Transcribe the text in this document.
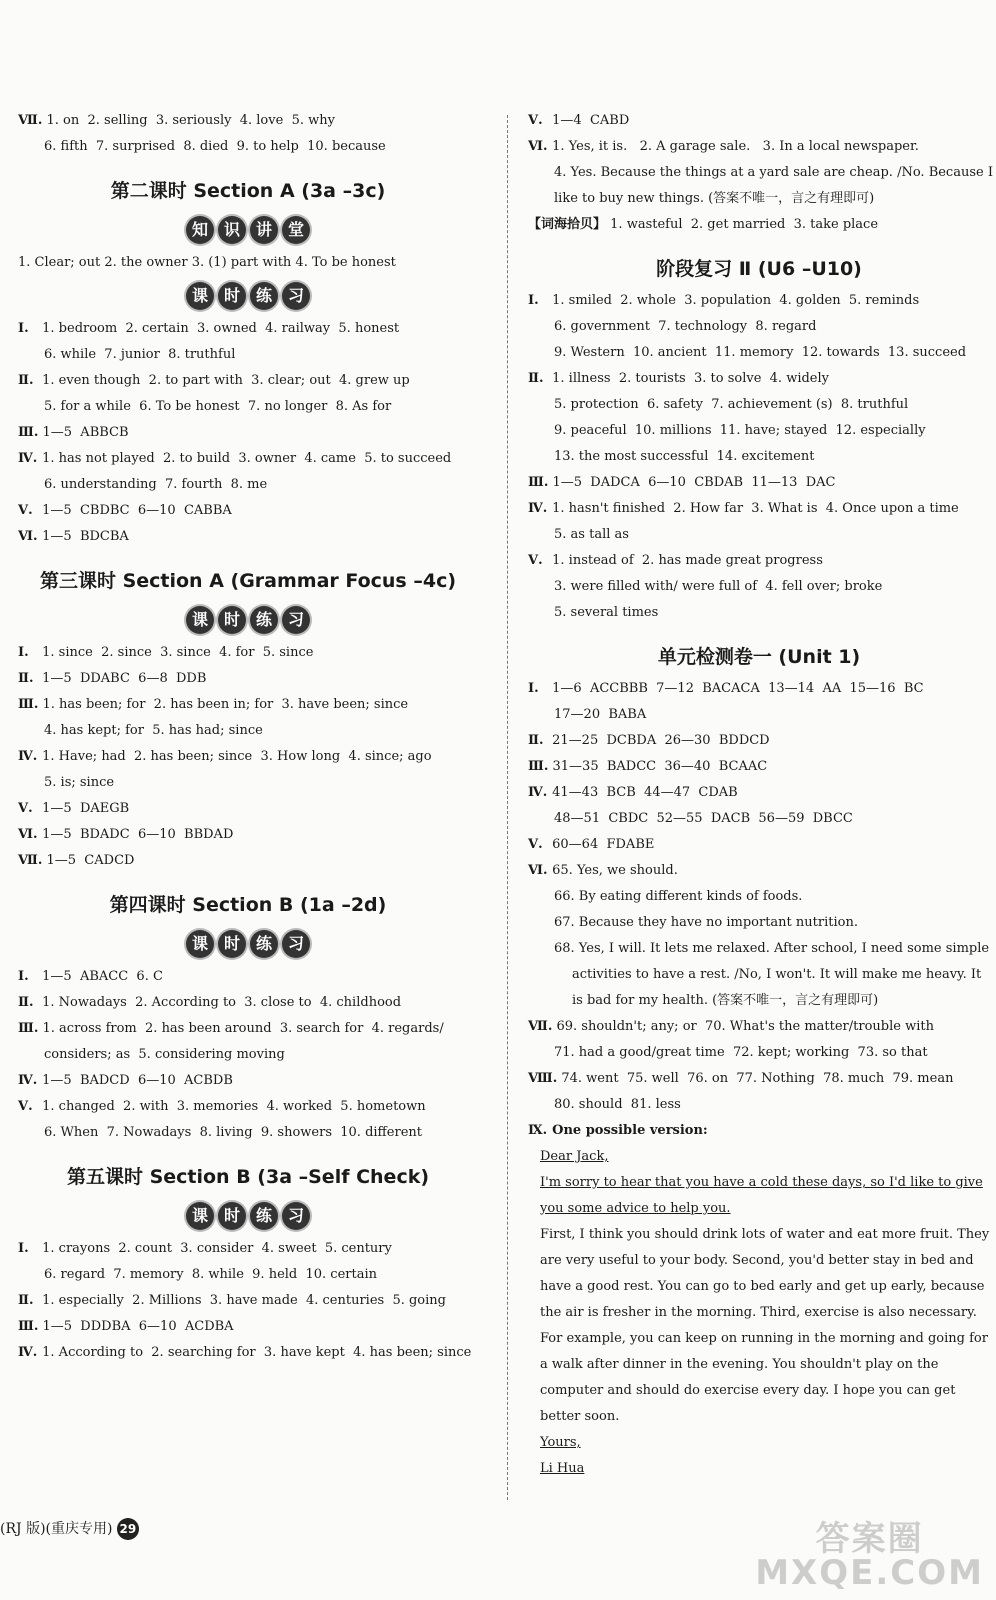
Ⅶ. 1. on  2. selling  3. seriously  4. love  5. why
6. fifth  7. surprised  8. died  9. to help  10. because
第二课时 Section A (3a –3c)
知 识 讲 堂
1. Clear; out 2. the owner 3. (1) part with 4. To be honest
课 时 练 习
Ⅰ. 1. bedroom  2. certain  3. owned  4. railway  5. honest
6. while  7. junior  8. truthful
Ⅱ. 1. even though  2. to part with  3. clear; out  4. grew up
5. for a while  6. To be honest  7. no longer  8. As for
Ⅲ. 1—5  ABBCB
Ⅳ. 1. has not played  2. to build  3. owner  4. came  5. to succeed
6. understanding  7. fourth  8. me
Ⅴ. 1—5  CBDBC  6—10  CABBA
Ⅵ. 1—5  BDCBA
第三课时 Section A (Grammar Focus –4c)
课 时 练 习
Ⅰ. 1. since  2. since  3. since  4. for  5. since
Ⅱ. 1—5  DDABC  6—8  DDB
Ⅲ. 1. has been; for  2. has been in; for  3. have been; since
4. has kept; for  5. has had; since
Ⅳ. 1. Have; had  2. has been; since  3. How long  4. since; ago
5. is; since
Ⅴ. 1—5  DAEGB
Ⅵ. 1—5  BDADC  6—10  BBDAD
Ⅶ. 1—5  CADCD
第四课时 Section B (1a –2d)
课 时 练 习
Ⅰ. 1—5  ABACC  6. C
Ⅱ. 1. Nowadays  2. According to  3. close to  4. childhood
Ⅲ. 1. across from  2. has been around  3. search for  4. regards/
considers; as  5. considering moving
Ⅳ. 1—5  BADCD  6—10  ACBDB
Ⅴ. 1. changed  2. with  3. memories  4. worked  5. hometown
6. When  7. Nowadays  8. living  9. showers  10. different
第五课时 Section B (3a –Self Check)
课 时 练 习
Ⅰ. 1. crayons  2. count  3. consider  4. sweet  5. century
6. regard  7. memory  8. while  9. held  10. certain
Ⅱ. 1. especially  2. Millions  3. have made  4. centuries  5. going
Ⅲ. 1—5  DDDBA  6—10  ACDBA
Ⅳ. 1. According to  2. searching for  3. have kept  4. has been; since
Ⅴ. 1—4  CABD
Ⅵ. 1. Yes, it is.   2. A garage sale.   3. In a local newspaper.
4. Yes. Because the things at a yard sale are cheap. /No. Because I
like to buy new things. (答案不唯一，言之有理即可)
【词海拾贝】 1. wasteful  2. get married  3. take place
阶段复习 Ⅱ (U6 –U10)
Ⅰ. 1. smiled  2. whole  3. population  4. golden  5. reminds
6. government  7. technology  8. regard
9. Western  10. ancient  11. memory  12. towards  13. succeed
Ⅱ. 1. illness  2. tourists  3. to solve  4. widely
5. protection  6. safety  7. achievement (s)  8. truthful
9. peaceful  10. millions  11. have; stayed  12. especially
13. the most successful  14. excitement
Ⅲ. 1—5  DADCA  6—10  CBDAB  11—13  DAC
Ⅳ. 1. hasn't finished  2. How far  3. What is  4. Once upon a time
5. as tall as
Ⅴ. 1. instead of  2. has made great progress
3. were filled with/ were full of  4. fell over; broke
5. several times
单元检测卷一 (Unit 1)
Ⅰ. 1—6  ACCBBB  7—12  BACACA  13—14  AA  15—16  BC
17—20  BABA
Ⅱ. 21—25  DCBDA  26—30  BDDCD
Ⅲ. 31—35  BADCC  36—40  BCAAC
Ⅳ. 41—43  BCB  44—47  CDAB
48—51  CBDC  52—55  DACB  56—59  DBCC
Ⅴ. 60—64  FDABE
Ⅵ. 65. Yes, we should.
66. By eating different kinds of foods.
67. Because they have no important nutrition.
68. Yes, I will. It lets me relaxed. After school, I need some simple
activities to have a rest. /No, I won't. It will make me heavy. It
is bad for my health. (答案不唯一，言之有理即可)
Ⅶ. 69. shouldn't; any; or  70. What's the matter/trouble with
71. had a good/great time  72. kept; working  73. so that
Ⅷ. 74. went  75. well  76. on  77. Nothing  78. much  79. mean
80. should  81. less
Ⅸ. One possible version:
Dear Jack,
I'm sorry to hear that you have a cold these days, so I'd like to give you some advice to help you.
First, I think you should drink lots of water and eat more fruit. They are very useful to your body. Second, you'd better stay in bed and have a good rest. You can go to bed early and get up early, because the air is fresher in the morning. Third, exercise is also necessary. For example, you can keep on running in the morning and going for a walk after dinner in the evening. You shouldn't play on the computer and should do exercise every day. I hope you can get better soon.
Yours,
Li Hua
(RJ 版)(重庆专用) 29	答案圈
MXQE.COM
